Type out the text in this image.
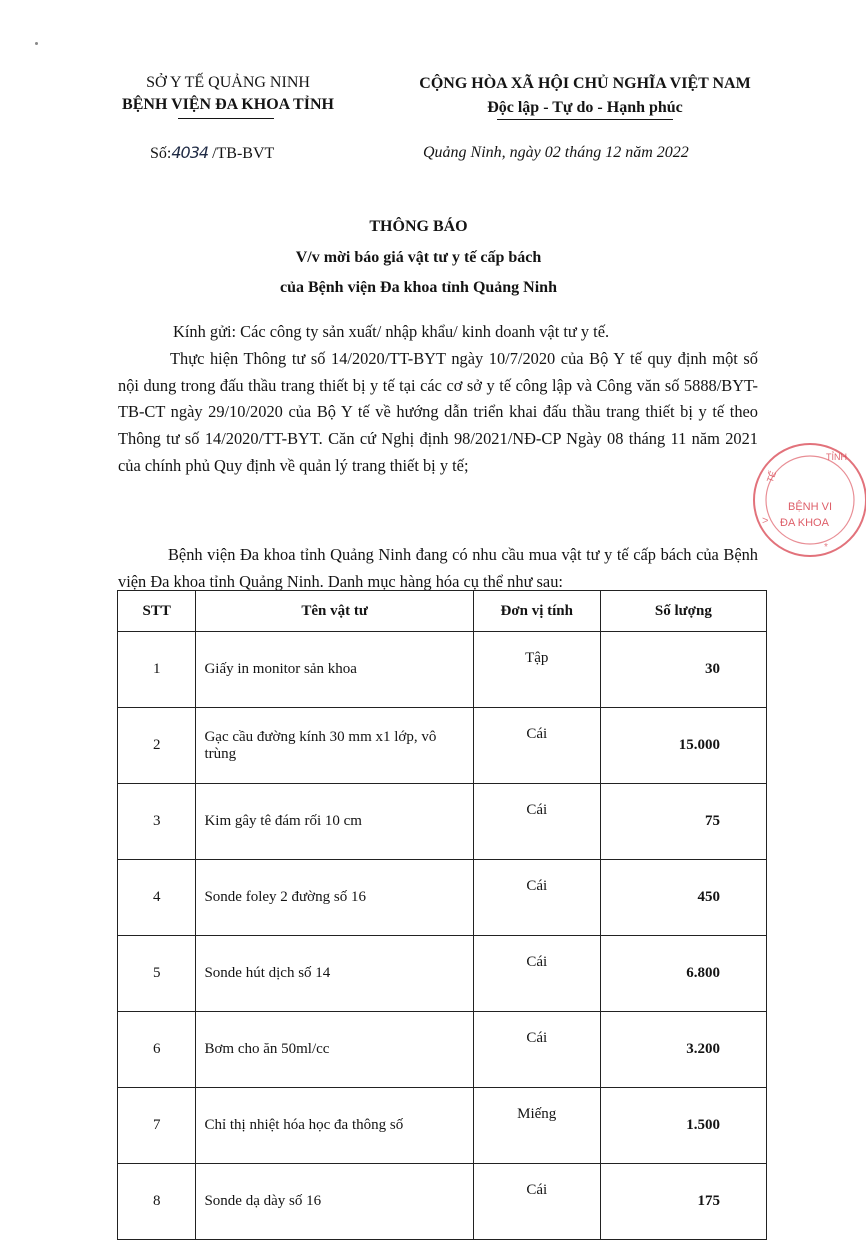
SỞ Y TẾ QUẢNG NINH
BỆNH VIỆN ĐA KHOA TỈNH
CỘNG HÒA XÃ HỘI CHỦ NGHĨA VIỆT NAM
Độc lập - Tự do - Hạnh phúc
Số:4034 /TB-BVT	Quảng Ninh, ngày 02 tháng 12 năm 2022
THÔNG BÁO
V/v mời báo giá vật tư y tế cấp bách
của Bệnh viện Đa khoa tỉnh Quảng Ninh
Kính gửi: Các công ty sản xuất/ nhập khẩu/ kinh doanh vật tư y tế.
Thực hiện Thông tư số 14/2020/TT-BYT ngày 10/7/2020 của Bộ Y tế quy định một số nội dung trong đấu thầu trang thiết bị y tế tại các cơ sở y tế công lập và Công văn số 5888/BYT-TB-CT ngày 29/10/2020 của Bộ Y tế về hướng dẫn triển khai đấu thầu trang thiết bị y tế theo Thông tư số 14/2020/TT-BYT. Căn cứ Nghị định 98/2021/NĐ-CP Ngày 08 tháng 11 năm 2021 của chính phủ Quy định về quản lý trang thiết bị y tế;
Bệnh viện Đa khoa tỉnh Quảng Ninh đang có nhu cầu mua vật tư y tế cấp bách của Bệnh viện Đa khoa tỉnh Quảng Ninh. Danh mục hàng hóa cụ thể như sau:
STT	Tên vật tư	Đơn vị tính	Số lượng
1	Giấy in monitor sản khoa	Tập	30
2	Gạc cầu đường kính 30 mm x1 lớp, vô trùng	Cái	15.000
3	Kim gây tê đám rối 10 cm	Cái	75
4	Sonde foley 2 đường số 16	Cái	450
5	Sonde hút dịch số 14	Cái	6.800
6	Bơm cho ăn 50ml/cc	Cái	3.200
7	Chỉ thị nhiệt hóa học đa thông số	Miếng	1.500
8	Sonde dạ dày số 16	Cái	175
TỈNH
TẾ
BỆNH VI
ĐA KHOA
>
*
